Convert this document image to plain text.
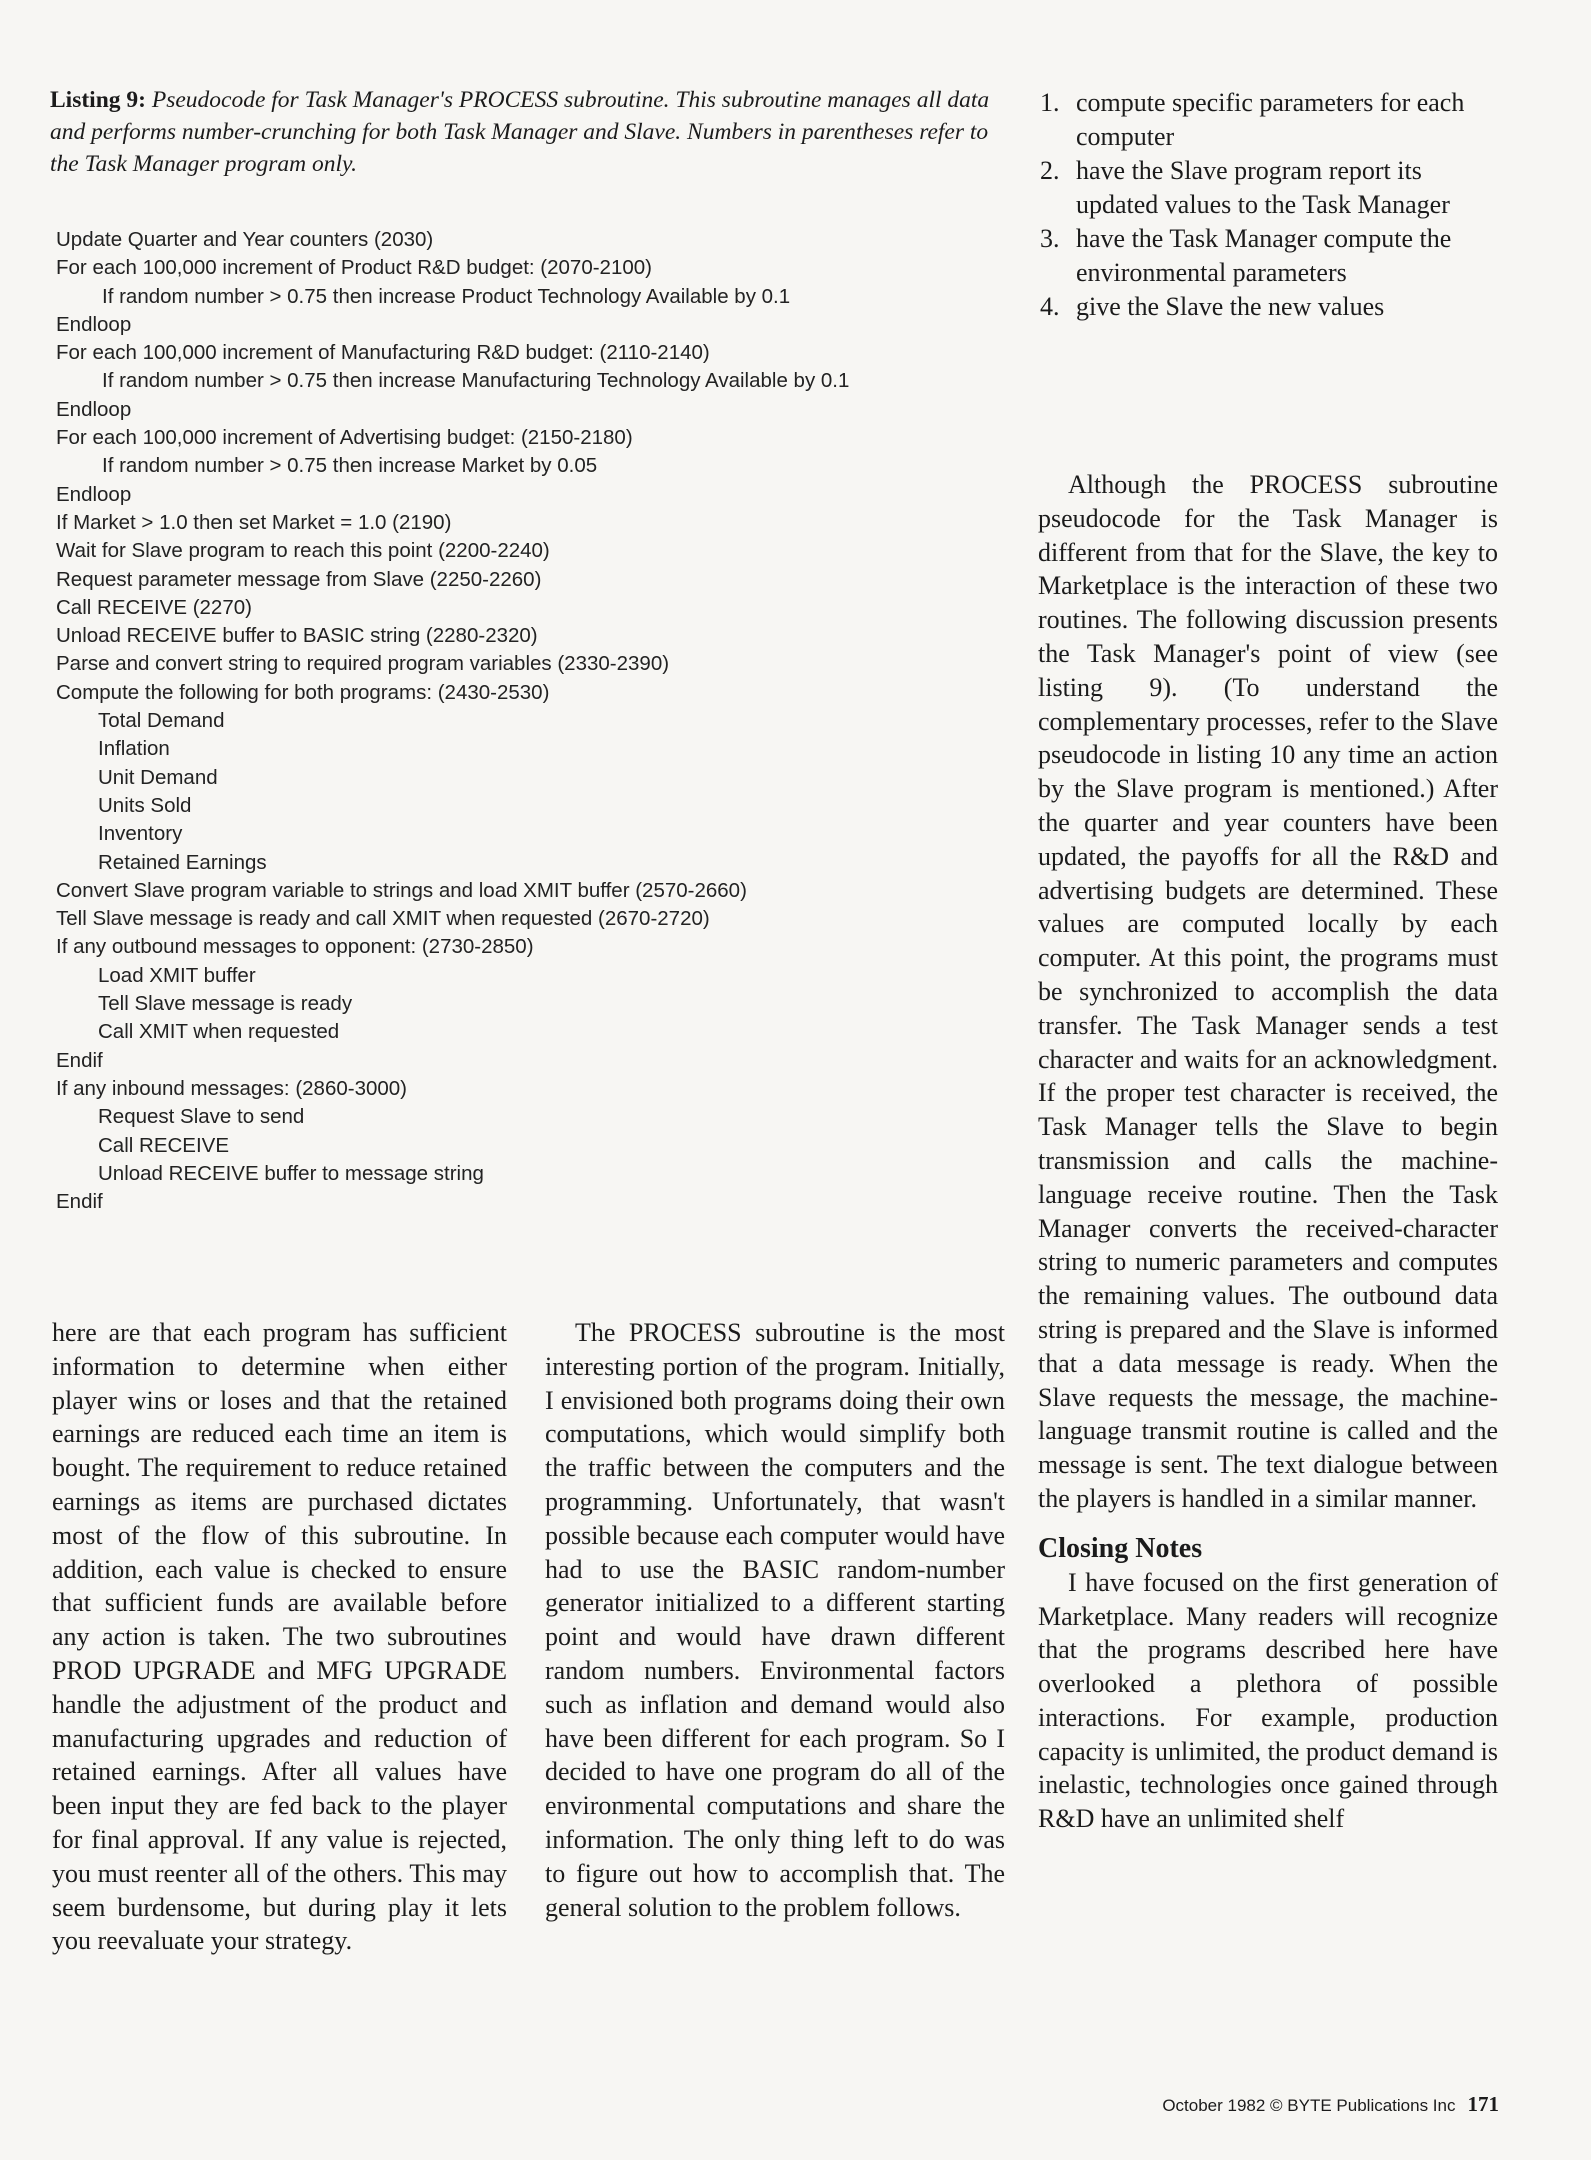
Listing 9: Pseudocode for Task Manager's PROCESS subroutine. This subroutine manages all data and performs number-crunching for both Task Manager and Slave. Numbers in parentheses refer to the Task Manager program only.
Update Quarter and Year counters (2030)
For each 100,000 increment of Product R&D budget: (2070-2100)
If random number > 0.75 then increase Product Technology Available by 0.1
Endloop
For each 100,000 increment of Manufacturing R&D budget: (2110-2140)
If random number > 0.75 then increase Manufacturing Technology Available by 0.1
Endloop
For each 100,000 increment of Advertising budget: (2150-2180)
If random number > 0.75 then increase Market by 0.05
Endloop
If Market > 1.0 then set Market = 1.0 (2190)
Wait for Slave program to reach this point (2200-2240)
Request parameter message from Slave (2250-2260)
Call RECEIVE (2270)
Unload RECEIVE buffer to BASIC string (2280-2320)
Parse and convert string to required program variables (2330-2390)
Compute the following for both programs: (2430-2530)
Total Demand
Inflation
Unit Demand
Units Sold
Inventory
Retained Earnings
Convert Slave program variable to strings and load XMIT buffer (2570-2660)
Tell Slave message is ready and call XMIT when requested (2670-2720)
If any outbound messages to opponent: (2730-2850)
Load XMIT buffer
Tell Slave message is ready
Call XMIT when requested
Endif
If any inbound messages: (2860-3000)
Request Slave to send
Call RECEIVE
Unload RECEIVE buffer to message string
Endif
1. compute specific parameters for each computer
2. have the Slave program report its updated values to the Task Manager
3. have the Task Manager compute the environmental parameters
4. give the Slave the new values

here are that each program has sufficient information to determine when either player wins or loses and that the retained earnings are reduced each time an item is bought. The requirement to reduce retained earnings as items are purchased dictates most of the flow of this subroutine. In addition, each value is checked to ensure that sufficient funds are available before any action is taken. The two subroutines PROD UPGRADE and MFG UPGRADE handle the adjustment of the product and manufacturing upgrades and reduction of retained earnings. After all values have been input they are fed back to the player for final approval. If any value is rejected, you must reenter all of the others. This may seem burdensome, but during play it lets you reevaluate your strategy.

The PROCESS subroutine is the most interesting portion of the program. Initially, I envisioned both programs doing their own computations, which would simplify both the traffic between the computers and the programming. Unfortunately, that wasn't possible because each computer would have had to use the BASIC random-number generator initialized to a different starting point and would have drawn different random numbers. Environmental factors such as inflation and demand would also have been different for each program. So I decided to have one program do all of the environmental computations and share the information. The only thing left to do was to figure out how to accomplish that. The general solution to the problem follows.

Although the PROCESS subroutine pseudocode for the Task Manager is different from that for the Slave, the key to Marketplace is the interaction of these two routines. The following discussion presents the Task Manager's point of view (see listing 9). (To understand the complementary processes, refer to the Slave pseudocode in listing 10 any time an action by the Slave program is mentioned.) After the quarter and year counters have been updated, the payoffs for all the R&D and advertising budgets are determined. These values are computed locally by each computer. At this point, the programs must be synchronized to accomplish the data transfer. The Task Manager sends a test character and waits for an acknowledgment. If the proper test character is received, the Task Manager tells the Slave to begin transmission and calls the machine-language receive routine. Then the Task Manager converts the received-character string to numeric parameters and computes the remaining values. The outbound data string is prepared and the Slave is informed that a data message is ready. When the Slave requests the message, the machine-language transmit routine is called and the message is sent. The text dialogue between the players is handled in a similar manner.

Closing Notes

I have focused on the first generation of Marketplace. Many readers will recognize that the programs described here have overlooked a plethora of possible interactions. For example, production capacity is unlimited, the product demand is inelastic, technologies once gained through R&D have an unlimited shelf

October 1982 © BYTE Publications Inc 171
